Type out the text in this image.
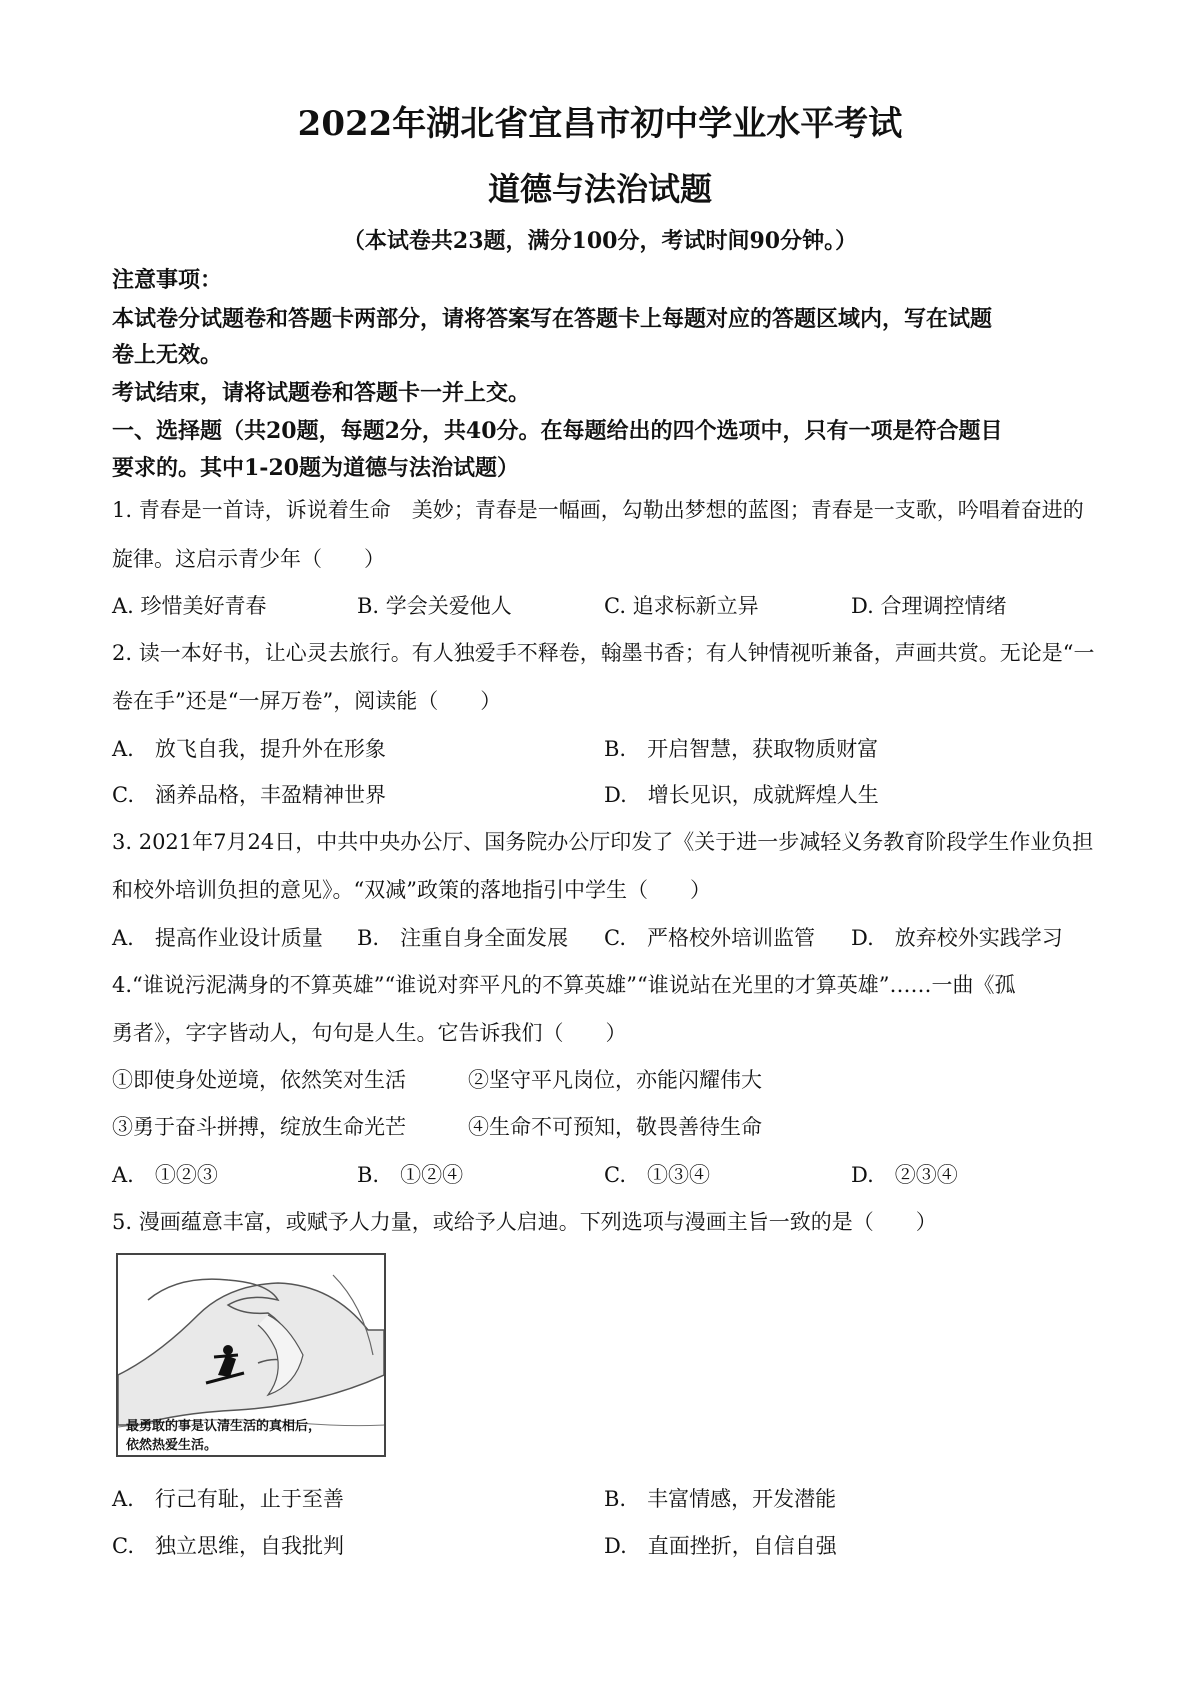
2022年湖北省宜昌市初中学业水平考试
道德与法治试题
（本试卷共23题，满分100分，考试时间90分钟。）
注意事项：
本试卷分试题卷和答题卡两部分，请将答案写在答题卡上每题对应的答题区域内，写在试题
卷上无效。
考试结束，请将试题卷和答题卡一并上交。
一、选择题（共20题，每题2分，共40分。在每题给出的四个选项中，只有一项是符合题目
要求的。其中1-20题为道德与法治试题）
1. 青春是一首诗，诉说着生命　美妙；青春是一幅画，勾勒出梦想的蓝图；青春是一支歌，吟唱着奋进的
旋律。这启示青少年（　　）
A. 珍惜美好青春	B. 学会关爱他人	C. 追求标新立异	D. 合理调控情绪
2. 读一本好书，让心灵去旅行。有人独爱手不释卷，翰墨书香；有人钟情视听兼备，声画共赏。无论是“一
卷在手”还是“一屏万卷”，阅读能（　　）
A.　放飞自我，提升外在形象	B.　开启智慧，获取物质财富
C.　涵养品格，丰盈精神世界	D.　增长见识，成就辉煌人生
3. 2021年7月24日，中共中央办公厅、国务院办公厅印发了《关于进一步减轻义务教育阶段学生作业负担
和校外培训负担的意见》。“双减”政策的落地指引中学生（　　）
A.　提高作业设计质量 B.　注重自身全面发展 C.　严格校外培训监管 D.　放弃校外实践学习
4.“谁说污泥满身的不算英雄”“谁说对弈平凡的不算英雄”“谁说站在光里的才算英雄”……一曲《孤
勇者》，字字皆动人，句句是人生。它告诉我们（　　）
①即使身处逆境，依然笑对生活	②坚守平凡岗位，亦能闪耀伟大
③勇于奋斗拼搏，绽放生命光芒	④生命不可预知，敬畏善待生命
A.　①②③	B.　①②④	C.　①③④	D.　②③④
5. 漫画蕴意丰富，或赋予人力量，或给予人启迪。下列选项与漫画主旨一致的是（　　）
最勇敢的事是认清生活的真相后，
依然热爱生活。
A.　行己有耻，止于至善	B.　丰富情感，开发潜能
C.　独立思维，自我批判	D.　直面挫折，自信自强
